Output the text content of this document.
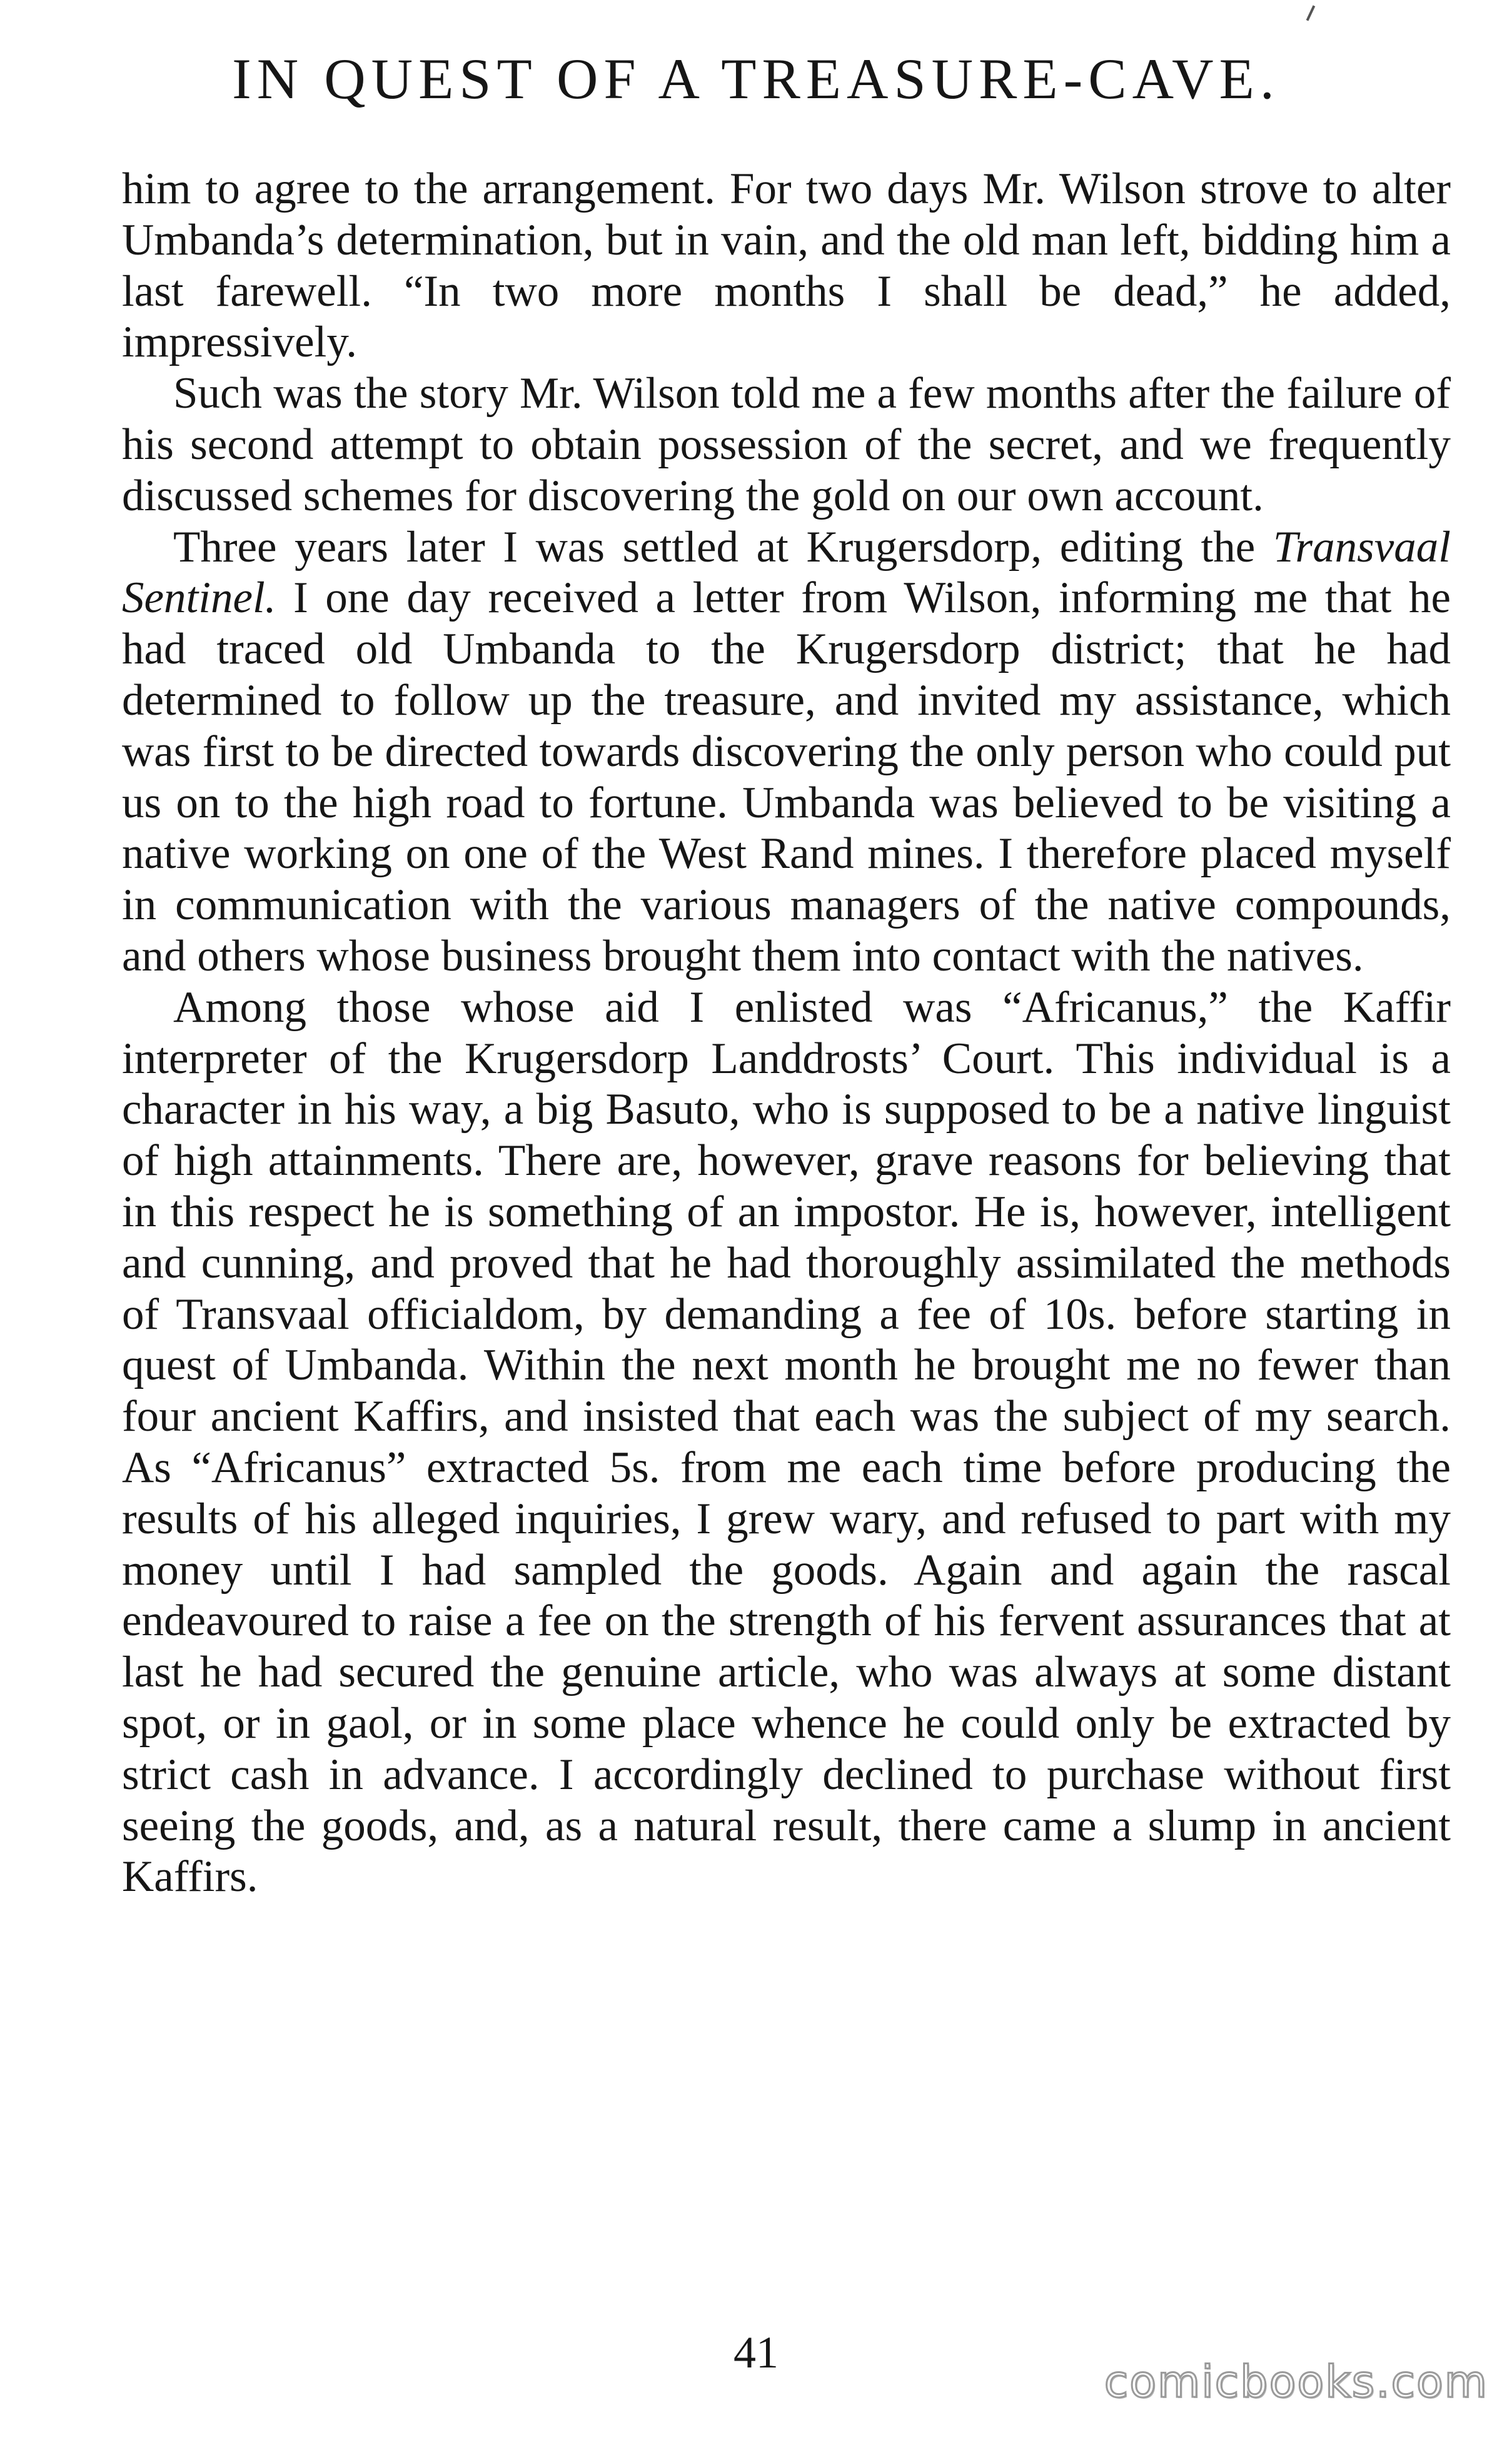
IN QUEST OF A TREASURE-CAVE.

him to agree to the arrangement. For two days Mr. Wilson strove to alter Umbanda’s determination, but in vain, and the old man left, bidding him a last farewell. “In two more months I shall be dead,” he added, impressively.

Such was the story Mr. Wilson told me a few months after the failure of his second attempt to obtain possession of the secret, and we frequently discussed schemes for discovering the gold on our own account.

Three years later I was settled at Krugersdorp, editing the Transvaal Sentinel. I one day received a letter from Wilson, informing me that he had traced old Umbanda to the Krugersdorp district; that he had determined to follow up the treasure, and invited my assistance, which was first to be directed towards discovering the only person who could put us on to the high road to fortune. Umbanda was believed to be visiting a native working on one of the West Rand mines. I therefore placed myself in communication with the various managers of the native compounds, and others whose business brought them into contact with the natives.

Among those whose aid I enlisted was “Africanus,” the Kaffir interpreter of the Krugersdorp Landdrosts’ Court. This individual is a character in his way, a big Basuto, who is supposed to be a native linguist of high attainments. There are, however, grave reasons for believing that in this respect he is something of an impostor. He is, however, intelligent and cunning, and proved that he had thoroughly assimilated the methods of Transvaal officialdom, by demanding a fee of 10s. before starting in quest of Umbanda. Within the next month he brought me no fewer than four ancient Kaffirs, and insisted that each was the subject of my search. As “Africanus” extracted 5s. from me each time before producing the results of his alleged inquiries, I grew wary, and refused to part with my money until I had sampled the goods. Again and again the rascal endeavoured to raise a fee on the strength of his fervent assurances that at last he had secured the genuine article, who was always at some distant spot, or in gaol, or in some place whence he could only be extracted by strict cash in advance. I accordingly declined to purchase without first seeing the goods, and, as a natural result, there came a slump in ancient Kaffirs.

41
comicbooks.com
